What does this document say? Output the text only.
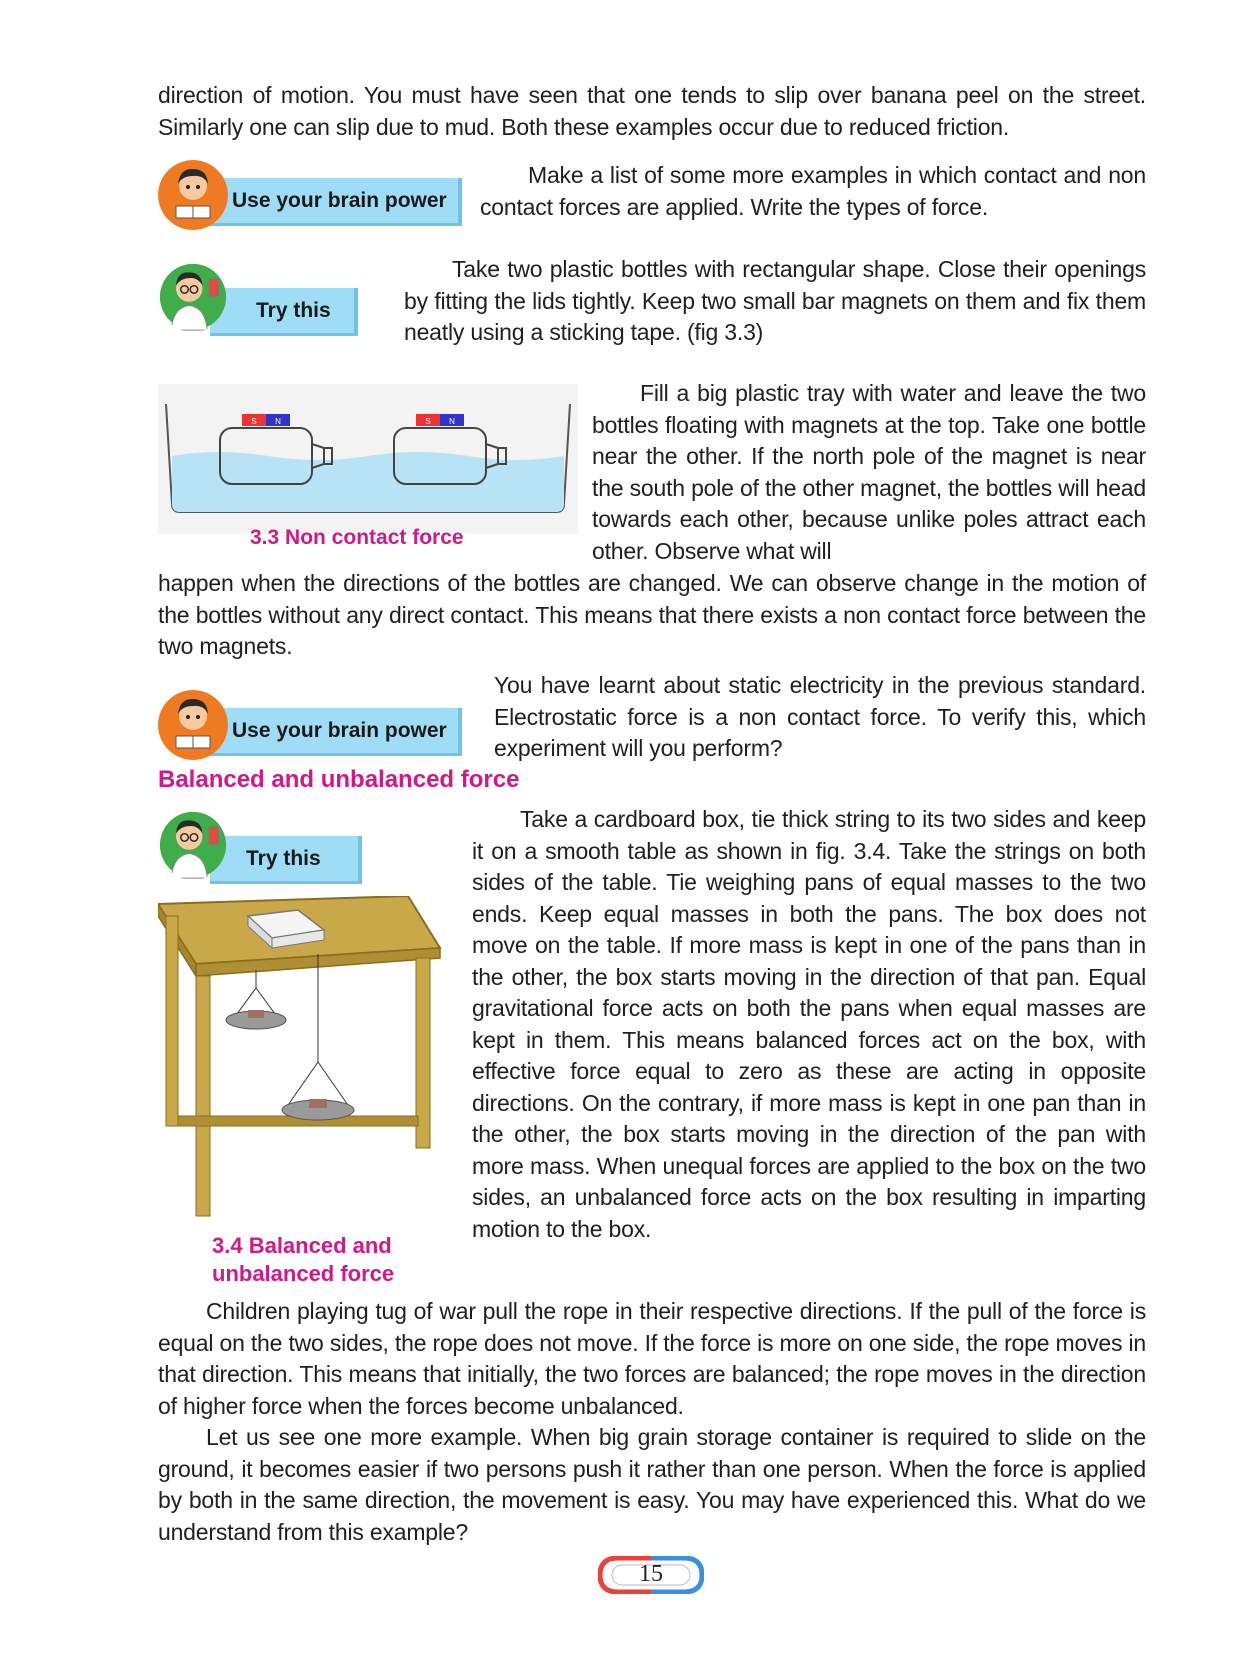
direction of motion. You must have seen that one tends to slip over banana peel on the street. Similarly one can slip due to mud. Both these examples occur due to reduced friction.
Use your brain power
Make a list of some more examples in which contact and non contact forces are applied. Write the types of force.
Try this
Take two plastic bottles with rectangular shape. Close their openings by fitting the lids tightly. Keep two small bar magnets on them and fix them neatly using a sticking tape. (fig 3.3)
S N	S N
3.3 Non contact force
Fill a big plastic tray with water and leave the two bottles floating with magnets at the top. Take one bottle near the other. If the north pole of the magnet is near the south pole of the other magnet, the bottles will head towards each other, because unlike poles attract each other. Observe what will
happen when the directions of the bottles are changed. We can observe change in the motion of the bottles without any direct contact. This means that there exists a non contact force between the two magnets.
Use your brain power
You have learnt about static electricity in the previous standard. Electrostatic force is a non contact force. To verify this, which experiment will you perform?
Balanced and unbalanced force
Try this
Take a cardboard box, tie thick string to its two sides and keep it on a smooth table as shown in fig. 3.4. Take the strings on both sides of the table. Tie weighing pans of equal masses to the two ends. Keep equal masses in both the pans. The box does not move on the table. If more mass is kept in one of the pans than in the other, the box starts moving in the direction of that pan. Equal gravitational force acts on both the pans when equal masses are kept in them. This means balanced forces act on the box, with effective force equal to zero as these are acting in opposite directions. On the contrary, if more mass is kept in one pan than in the other, the box starts moving in the direction of the pan with more mass. When unequal forces are applied to the box on the two sides, an unbalanced force acts on the box resulting in imparting motion to the box.
3.4 Balanced and
unbalanced force
Children playing tug of war pull the rope in their respective directions. If the pull of the force is equal on the two sides, the rope does not move. If the force is more on one side, the rope moves in that direction. This means that initially, the two forces are balanced; the rope moves in the direction of higher force when the forces become unbalanced.
Let us see one more example. When big grain storage container is required to slide on the ground, it becomes easier if two persons push it rather than one person. When the force is applied by both in the same direction, the movement is easy. You may have experienced this. What do we understand from this example?
15
